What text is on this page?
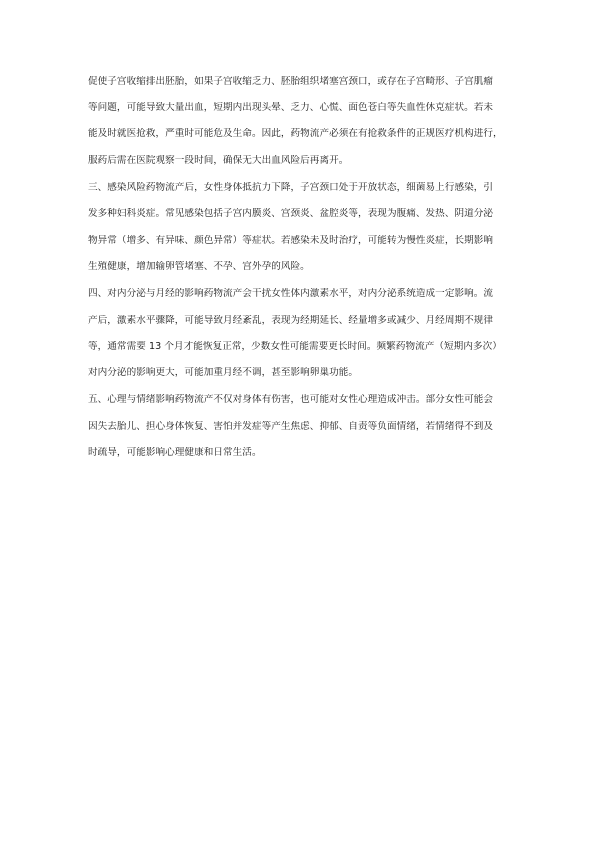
促使子宫收缩排出胚胎，如果子宫收缩乏力、胚胎组织堵塞宫颈口，或存在子宫畸形、子宫肌瘤
等问题，可能导致大量出血，短期内出现头晕、乏力、心慌、面色苍白等失血性休克症状。若未
能及时就医抢救，严重时可能危及生命。因此，药物流产必须在有抢救条件的正规医疗机构进行，
服药后需在医院观察一段时间，确保无大出血风险后再离开。
三、感染风险药物流产后，女性身体抵抗力下降，子宫颈口处于开放状态，细菌易上行感染，引
发多种妇科炎症。常见感染包括子宫内膜炎、宫颈炎、盆腔炎等，表现为腹痛、发热、阴道分泌
物异常（增多、有异味、颜色异常）等症状。若感染未及时治疗，可能转为慢性炎症，长期影响
生殖健康，增加输卵管堵塞、不孕、宫外孕的风险。
四、对内分泌与月经的影响药物流产会干扰女性体内激素水平，对内分泌系统造成一定影响。流
产后，激素水平骤降，可能导致月经紊乱，表现为经期延长、经量增多或减少、月经周期不规律
等，通常需要 13 个月才能恢复正常，少数女性可能需要更长时间。频繁药物流产（短期内多次）
对内分泌的影响更大，可能加重月经不调，甚至影响卵巢功能。
五、心理与情绪影响药物流产不仅对身体有伤害，也可能对女性心理造成冲击。部分女性可能会
因失去胎儿、担心身体恢复、害怕并发症等产生焦虑、抑郁、自责等负面情绪，若情绪得不到及
时疏导，可能影响心理健康和日常生活。
